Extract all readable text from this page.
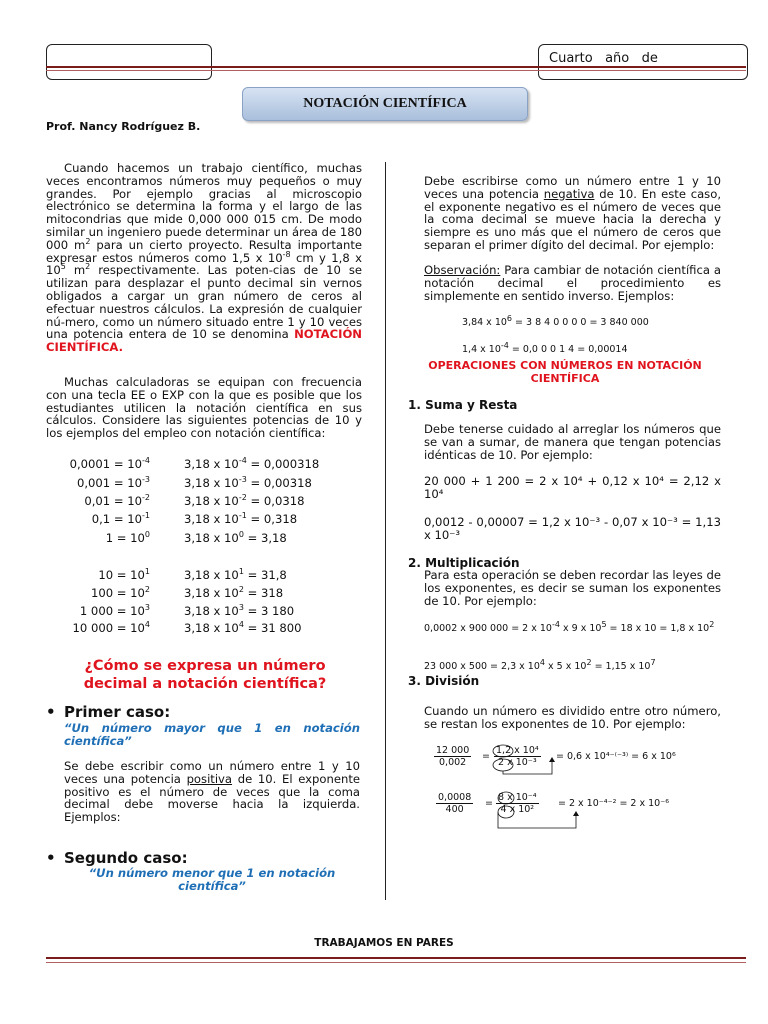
Cuarto   año   de
NOTACIÓN CIENTÍFICA
Prof. Nancy Rodríguez B.
Cuando hacemos un trabajo científico, muchas veces encontramos números muy pequeños o muy grandes. Por ejemplo gracias al microscopio electrónico se determina la forma y el largo de las mitocondrias que mide 0,000 000 015 cm. De modo similar un ingeniero puede determinar un área de 180 000 $m^2$ para un cierto proyecto. Resulta importante expresar estos números como 1,5 x $10^{-8}$ cm y 1,8 x $10^5$ $m^2$ respectivamente. Las poten-cias de 10 se utilizan para desplazar el punto decimal sin vernos obligados a cargar un gran número de ceros al efectuar nuestros cálculos. La expresión de cualquier nú-mero, como un número situado entre 1 y 10 veces una potencia entera de 10 se denomina NOTACIÓN CIENTÍFICA.
Muchas calculadoras se equipan con frecuencia con una tecla EE o EXP con la que es posible que los estudiantes utilicen la notación científica en sus cálculos. Considere las siguientes potencias de 10 y los ejemplos del empleo con notación científica:
$0,0001 = 10^{-4}$	3,18 x $10^{-4} = 0,000318$
$0,001 = 10^{-3}$	3,18 x $10^{-3} = 0,00318$
$0,01 = 10^{-2}$	3,18 x $10^{-2} = 0,0318$
$0,1 = 10^{-1}$	3,18 x $10^{-1} = 0,318$
$1 = 10^0$	3,18 x $10^0 = 3,18$
$10 = 10^1$	3,18 x $10^1 = 31,8$
$100 = 10^2$	3,18 x $10^2 = 318$
1 $000 = 10^3$	3,18 x $10^3 = 3$ 180
10 $000 = 10^4$	3,18 x $10^4 = 31$ 800
¿Cómo se expresa un número decimal a notación científica?
• Primer caso:
“Un número mayor que 1 en notación científica”
Se debe escribir como un número entre 1 y 10 veces una potencia positiva de 10. El exponente positivo es el número de veces que la coma decimal debe moverse hacia la izquierda. Ejemplos:
• Segundo caso:
“Un número menor que 1 en notación científica”
Debe escribirse como un número entre 1 y 10 veces una potencia negativa de 10. En este caso, el exponente negativo es el número de veces que la coma decimal se mueve hacia la derecha y siempre es uno más que el número de ceros que separan el primer dígito del decimal. Por ejemplo:
Observación: Para cambiar de notación científica a notación decimal el procedimiento es simplemente en sentido inverso. Ejemplos:
3,84 x $10^6 = 3$ 8 4 0 0 0 0 = 3 840 000
1,4 x $10^{-4} = 0,0$ 0 0 1 4 = 0,00014
OPERACIONES CON NÚMEROS EN NOTACIÓN CIENTÍFICA
1. Suma y Resta
Debe tenerse cuidado al arreglar los números que se van a sumar, de manera que tengan potencias idénticas de 10. Por ejemplo:
20 000 + 1 200 = 2 x 10⁴ + 0,12 x 10⁴ = 2,12 x 10⁴
0,0012 - 0,00007 = 1,2 x 10⁻³ - 0,07 x 10⁻³ = 1,13 x 10⁻³
2. Multiplicación
Para esta operación se deben recordar las leyes de los exponentes, es decir se suman los exponentes de 10. Por ejemplo:
0,0002 x 900 000 = 2 x $10^{-4}$ x 9 x $10^5 = 18$ x 10 = 1,8 x $10^2$
23 000 x 500 = 2,3 x $10^4$ x 5 x $10^2 = 1,15$ x $10^7$
3. División
Cuando un número es dividido entre otro número, se restan los exponentes de 10. Por ejemplo:
$\frac{12 000}{0,002} = \frac{\text{1,2 x 10⁴}}{\text{2 x 10⁻³}} = 0,6$ x 10⁴⁻⁽⁻³⁾ = 6 x 10⁶
$\frac{0,0008}{400} = \frac{\text{8 x 10⁻⁴}}{\text{4 x 10²}} = 2$ x 10⁻⁴⁻² = 2 x 10⁻⁶
TRABAJAMOS EN PARES
